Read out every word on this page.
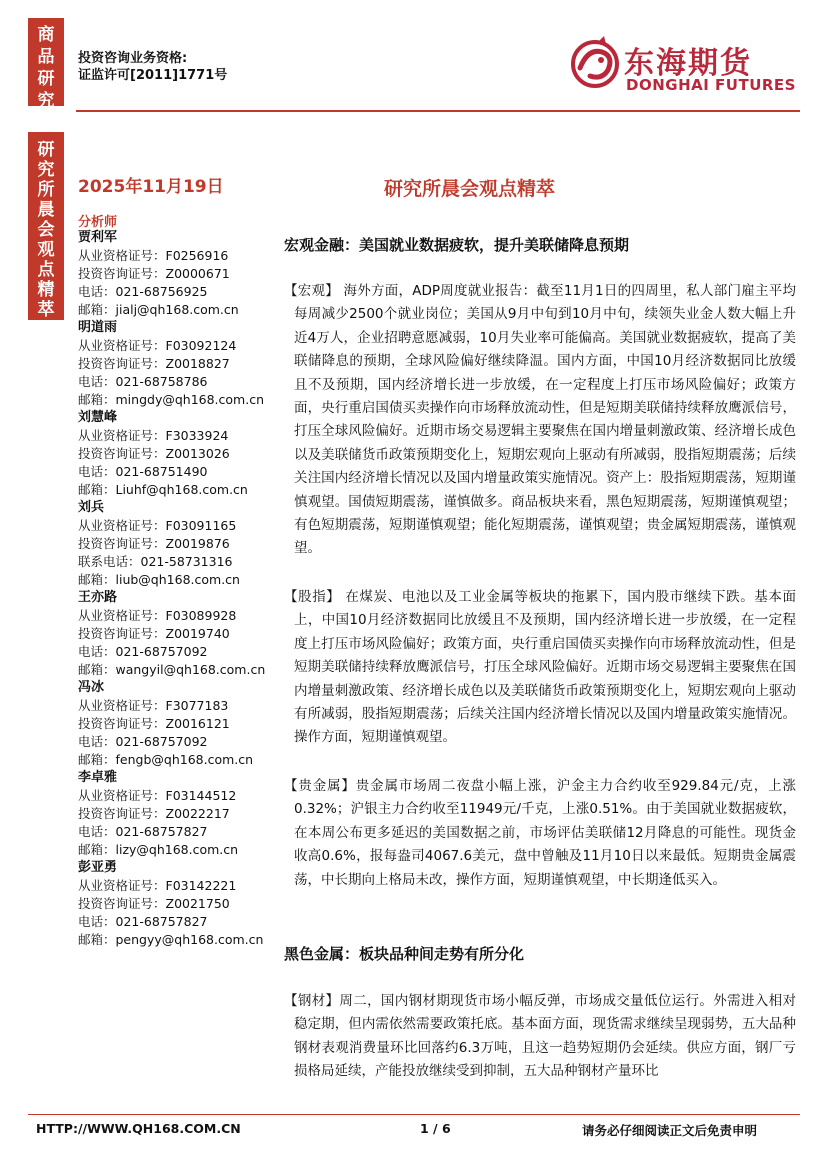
商
品
研
究
研
究
所
晨
会
观
点
精
萃
投资咨询业务资格:
证监许可[2011]1771号	东海期货
DONGHAI FUTURES
2025年11月19日
分析师
贾利军
从业资格证号：F0256916
投资咨询证号：Z0000671
电话：021-68756925
邮箱：jialj@qh168.com.cn
明道雨
从业资格证号：F03092124
投资咨询证号：Z0018827
电话：021-68758786
邮箱：mingdy@qh168.com.cn
刘慧峰
从业资格证号：F3033924
投资咨询证号：Z0013026
电话：021-68751490
邮箱：Liuhf@qh168.com.cn
刘兵
从业资格证号：F03091165
投资咨询证号：Z0019876
联系电话：021-58731316
邮箱：liub@qh168.com.cn
王亦路
从业资格证号：F03089928
投资咨询证号：Z0019740
电话：021-68757092
邮箱：wangyil@qh168.com.cn
冯冰
从业资格证号：F3077183
投资咨询证号：Z0016121
电话：021-68757092
邮箱：fengb@qh168.com.cn
李卓雅
从业资格证号：F03144512
投资咨询证号：Z0022217
电话：021-68757827
邮箱：lizy@qh168.com.cn
彭亚勇
从业资格证号：F03142221
投资咨询证号：Z0021750
电话：021-68757827
邮箱：pengyy@qh168.com.cn
研究所晨会观点精萃
宏观金融：美国就业数据疲软，提升美联储降息预期
【宏观】 海外方面，ADP周度就业报告：截至11月1日的四周里，私人部门雇主平均每周减少2500个就业岗位；美国从9月中旬到10月中旬，续领失业金人数大幅上升近4万人，企业招聘意愿减弱，10月失业率可能偏高。美国就业数据疲软，提高了美联储降息的预期，全球风险偏好继续降温。国内方面，中国10月经济数据同比放缓且不及预期，国内经济增长进一步放缓，在一定程度上打压市场风险偏好；政策方面，央行重启国债买卖操作向市场释放流动性，但是短期美联储持续释放鹰派信号，打压全球风险偏好。近期市场交易逻辑主要聚焦在国内增量刺激政策、经济增长成色以及美联储货币政策预期变化上，短期宏观向上驱动有所减弱，股指短期震荡；后续关注国内经济增长情况以及国内增量政策实施情况。资产上：股指短期震荡，短期谨慎观望。国债短期震荡，谨慎做多。商品板块来看，黑色短期震荡，短期谨慎观望；有色短期震荡，短期谨慎观望；能化短期震荡，谨慎观望；贵金属短期震荡，谨慎观望。
【股指】 在煤炭、电池以及工业金属等板块的拖累下，国内股市继续下跌。基本面上，中国10月经济数据同比放缓且不及预期，国内经济增长进一步放缓，在一定程度上打压市场风险偏好；政策方面，央行重启国债买卖操作向市场释放流动性，但是短期美联储持续释放鹰派信号，打压全球风险偏好。近期市场交易逻辑主要聚焦在国内增量刺激政策、经济增长成色以及美联储货币政策预期变化上，短期宏观向上驱动有所减弱，股指短期震荡；后续关注国内经济增长情况以及国内增量政策实施情况。操作方面，短期谨慎观望。
【贵金属】贵金属市场周二夜盘小幅上涨，沪金主力合约收至929.84元/克，上涨0.32%；沪银主力合约收至11949元/千克，上涨0.51%。由于美国就业数据疲软，在本周公布更多延迟的美国数据之前，市场评估美联储12月降息的可能性。现货金收高0.6%，报每盎司4067.6美元，盘中曾触及11月10日以来最低。短期贵金属震荡，中长期向上格局未改，操作方面，短期谨慎观望，中长期逢低买入。
黑色金属：板块品种间走势有所分化
【钢材】周二，国内钢材期现货市场小幅反弹，市场成交量低位运行。外需进入相对稳定期，但内需依然需要政策托底。基本面方面，现货需求继续呈现弱势，五大品种钢材表观消费量环比回落约6.3万吨，且这一趋势短期仍会延续。供应方面，钢厂亏损格局延续，产能投放继续受到抑制，五大品种钢材产量环比
HTTP://WWW.QH168.COM.CN	1 / 6	请务必仔细阅读正文后免责申明
